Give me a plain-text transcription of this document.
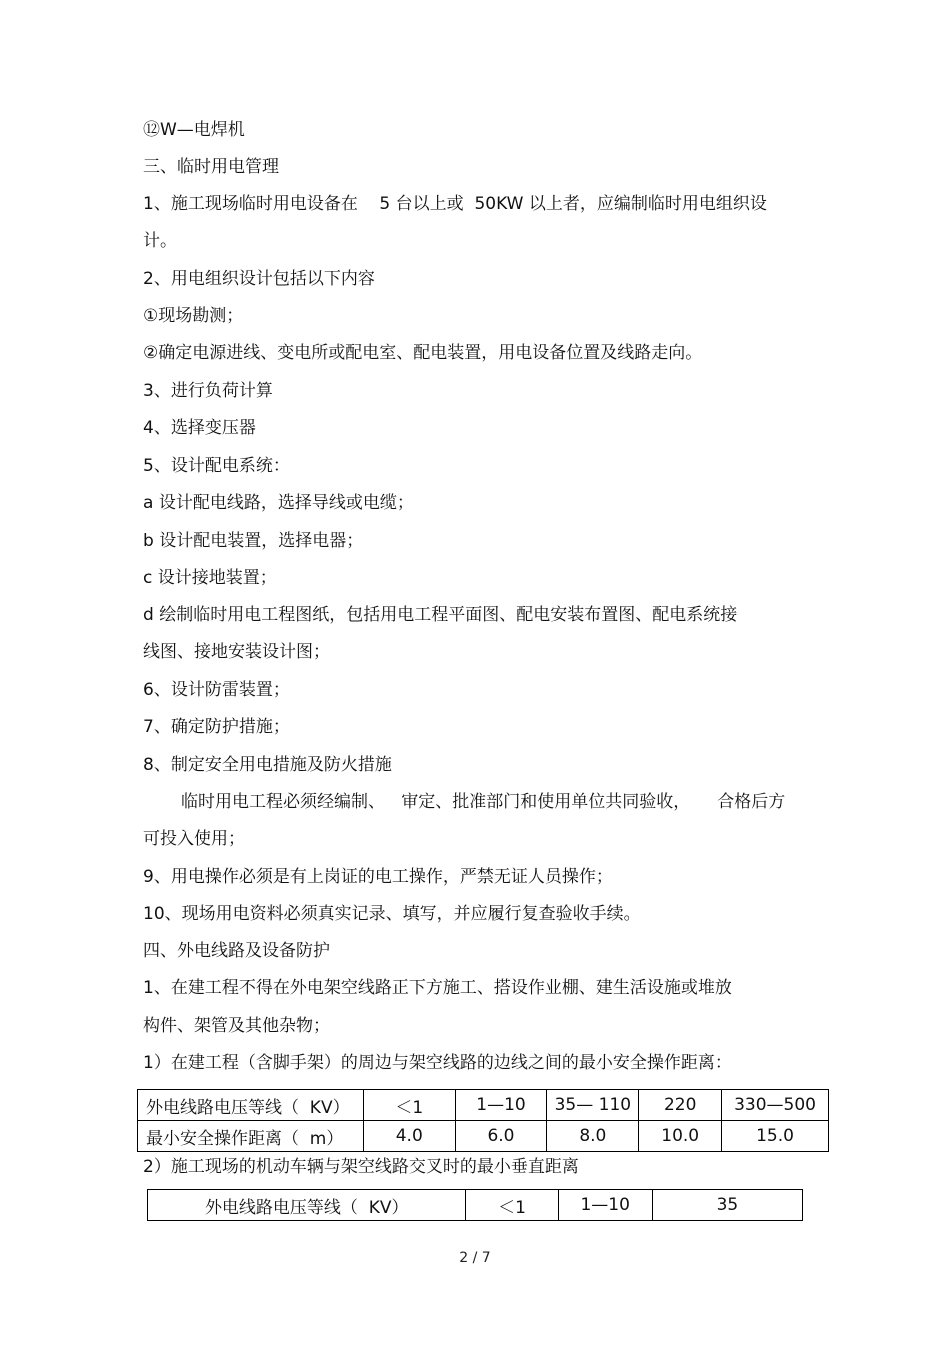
⑫W—电焊机
三、临时用电管理
1、施工现场临时用电设备在    5 台以上或  50KW 以上者，应编制临时用电组织设
计。
2、用电组织设计包括以下内容
①现场勘测；
②确定电源进线、变电所或配电室、配电装置，用电设备位置及线路走向。
3、进行负荷计算
4、选择变压器
5、设计配电系统：
a 设计配电线路，选择导线或电缆；
b 设计配电装置，选择电器；
c 设计接地装置；
d 绘制临时用电工程图纸，包括用电工程平面图、配电安装布置图、配电系统接
线图、接地安装设计图；
6、设计防雷装置；
7、确定防护措施；
8、制定安全用电措施及防火措施
临时用电工程必须经编制、   审定、批准部门和使用单位共同验收，     合格后方
可投入使用；
9、用电操作必须是有上岗证的电工操作，严禁无证人员操作；
10、现场用电资料必须真实记录、填写，并应履行复查验收手续。
四、外电线路及设备防护
1、在建工程不得在外电架空线路正下方施工、搭设作业棚、建生活设施或堆放
构件、架管及其他杂物；
1）在建工程（含脚手架）的周边与架空线路的边线之间的最小安全操作距离：
外电线路电压等线（  KV）	＜1	1—10	35— 110	220	330—500
最小安全操作距离（  m）	4.0	6.0	8.0	10.0	15.0
2）施工现场的机动车辆与架空线路交叉时的最小垂直距离
外电线路电压等线（  KV）	＜1	1—10	35
2 / 7
